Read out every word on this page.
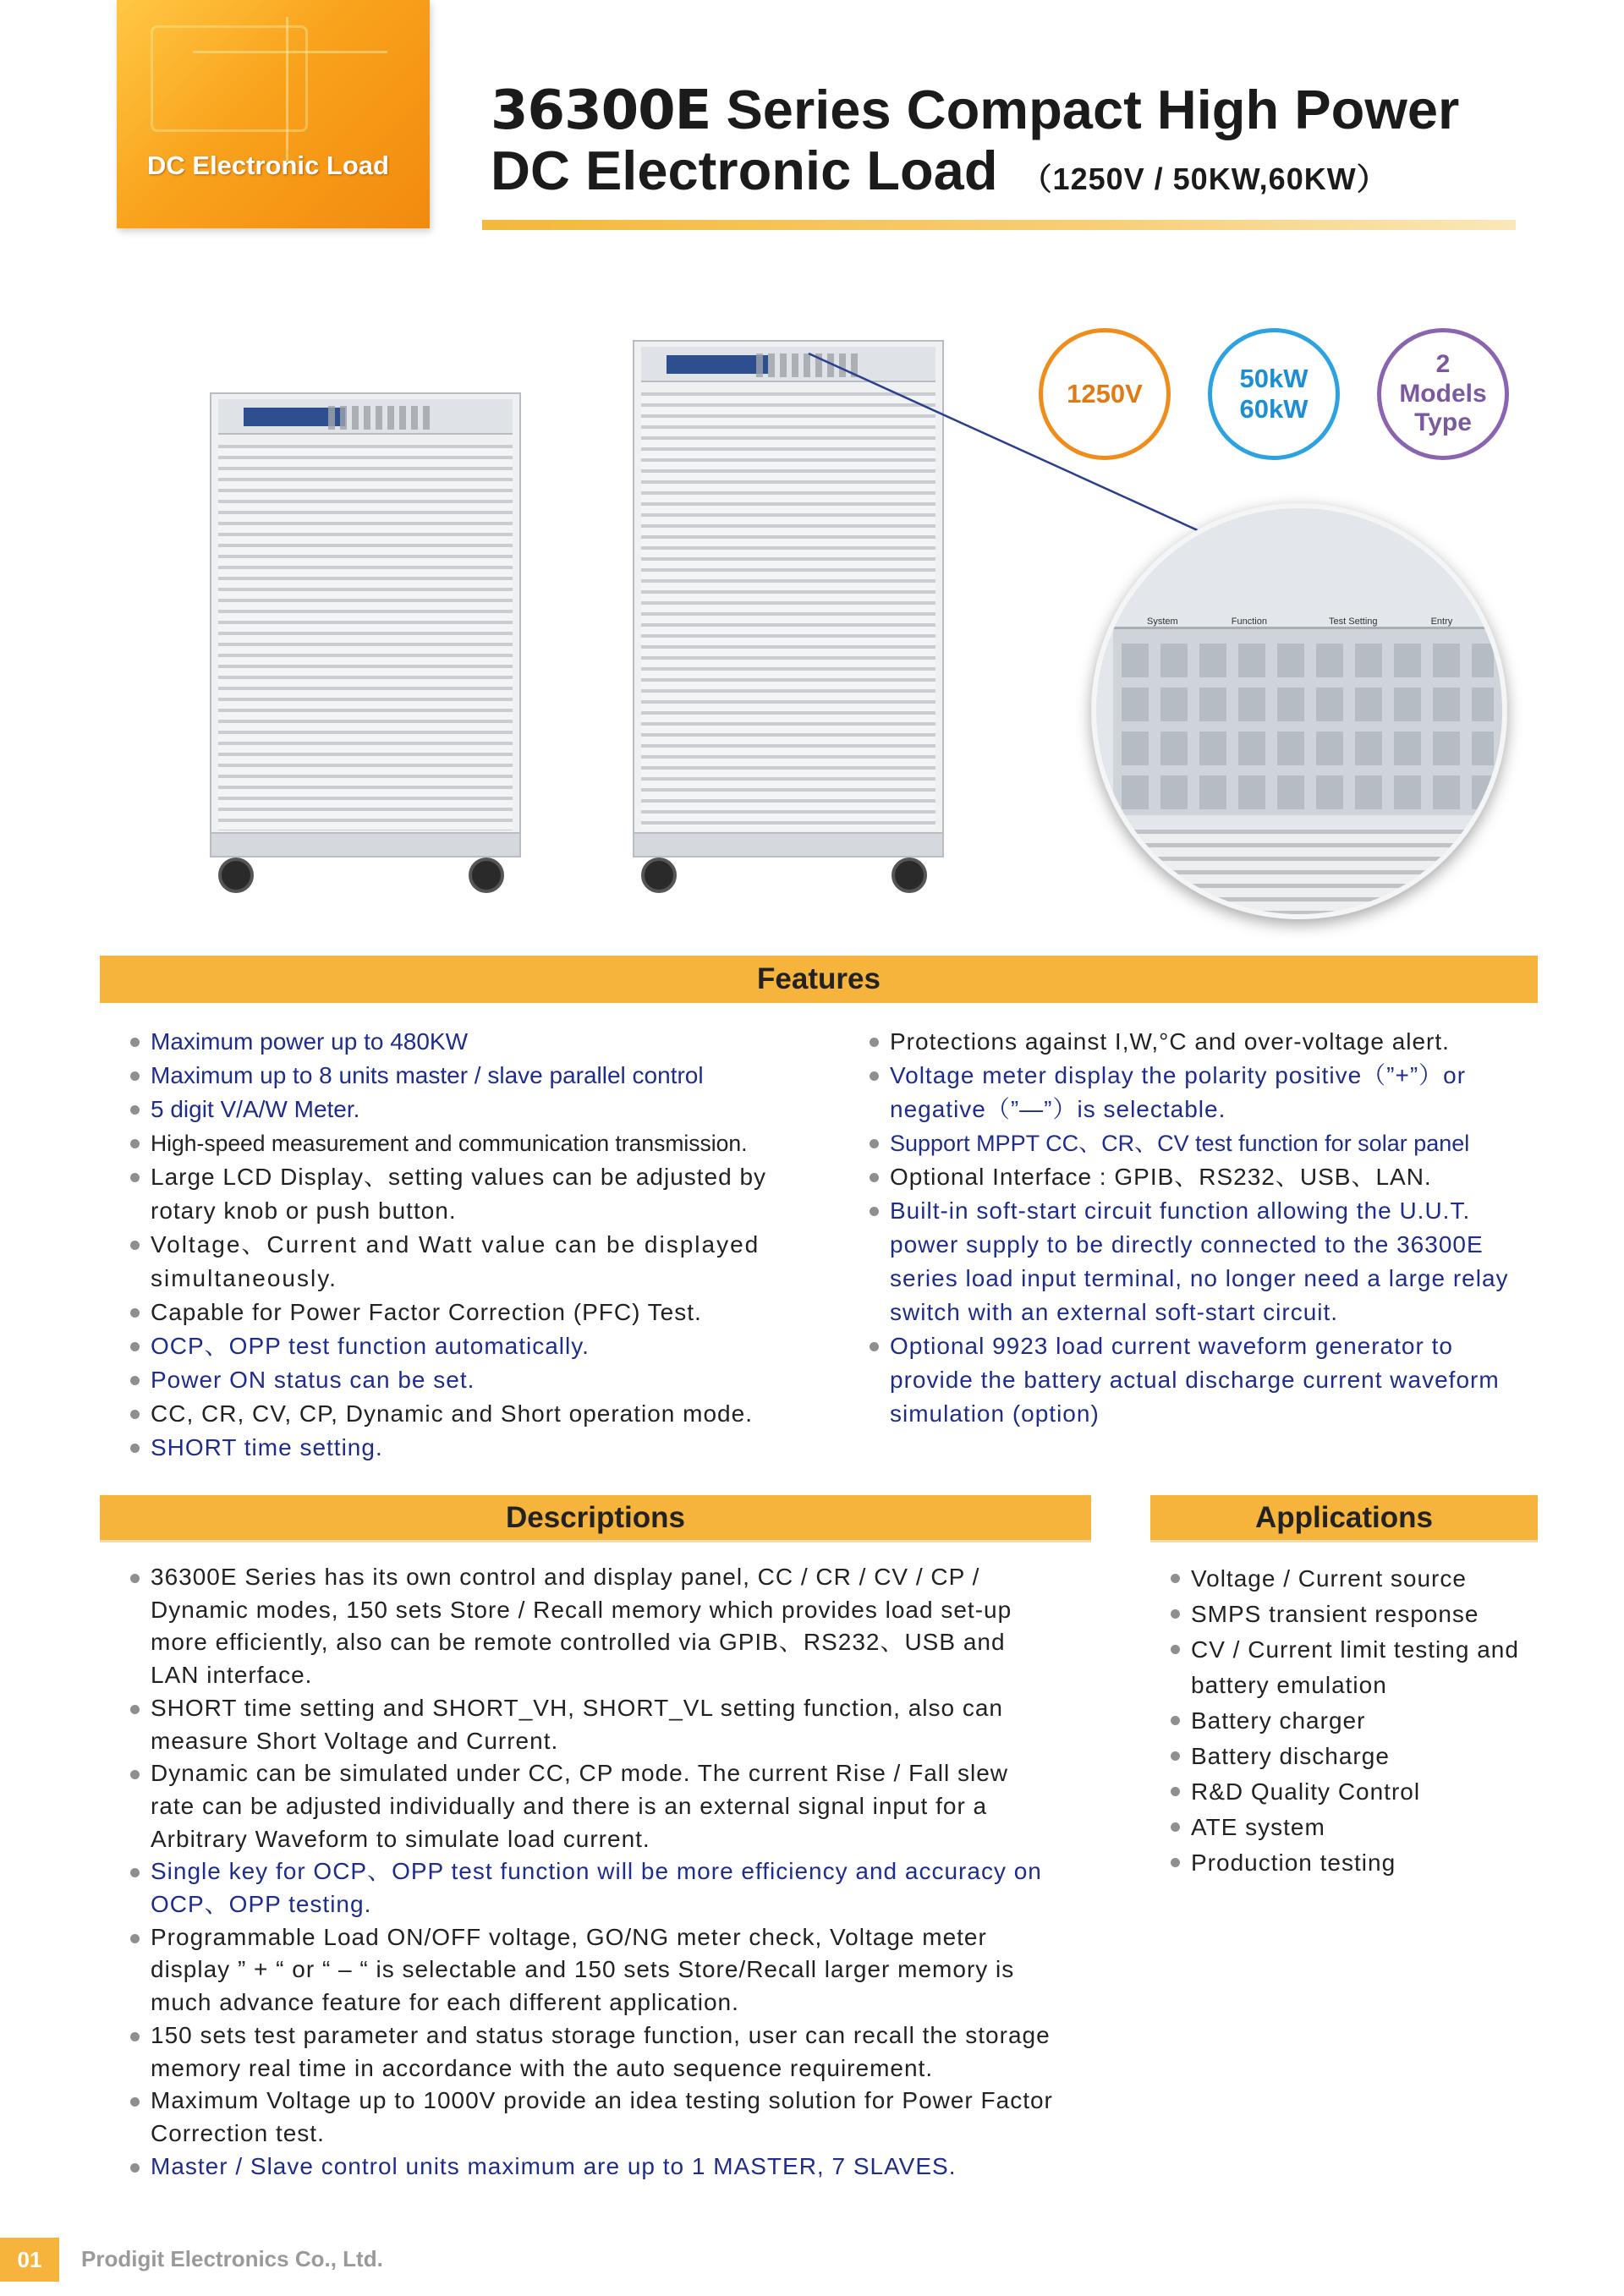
DC Electronic Load
36300E Series Compact High Power
DC Electronic Load （1250V / 50KW,60KW）
1250V
50kW
60kW
2
Models
Type
System	Function	Test Setting	Entry
Features
Maximum power up to 480KW
Maximum up to 8 units master / slave parallel control
5 digit V/A/W Meter.
High-speed measurement and communication transmission.
Large LCD Display、setting values can be adjusted by rotary knob or push button.
Voltage、Current and Watt value can be displayed simultaneously.
Capable for Power Factor Correction (PFC) Test.
OCP、OPP test function automatically.
Power ON status can be set.
CC, CR, CV, CP, Dynamic and Short operation mode.
SHORT time setting.
Protections against I,W,°C and over-voltage alert.
Voltage meter display the polarity positive（”+”）or negative（”—”）is selectable.
Support MPPT CC、CR、CV test function for solar panel
Optional Interface : GPIB、RS232、USB、LAN.
Built-in soft-start circuit function allowing the U.U.T. power supply to be directly connected to the 36300E series load input terminal, no longer need a large relay switch with an external soft-start circuit.
Optional 9923 load current waveform generator to provide the battery actual discharge current waveform simulation (option)
Descriptions
36300E Series has its own control and display panel, CC / CR / CV / CP / Dynamic modes, 150 sets Store / Recall memory which provides load set-up more efficiently, also can be remote controlled via GPIB、RS232、USB and LAN interface.
SHORT time setting and SHORT_VH, SHORT_VL setting function, also can measure Short Voltage and Current.
Dynamic can be simulated under CC, CP mode. The current Rise / Fall slew rate can be adjusted individually and there is an external signal input for a Arbitrary Waveform to simulate load current.
Single key for OCP、OPP test function will be more efficiency and accuracy on OCP、OPP testing.
Programmable Load ON/OFF voltage, GO/NG meter check, Voltage meter display ” + “ or “ – “ is selectable and 150 sets Store/Recall larger memory is much advance feature for each different application.
150 sets test parameter and status storage function, user can recall the storage memory real time in accordance with the auto sequence requirement.
Maximum Voltage up to 1000V provide an idea testing solution for Power Factor Correction test.
Master / Slave control units maximum are up to 1 MASTER, 7 SLAVES.
Applications
Voltage / Current source
SMPS transient response
CV / Current limit testing and battery emulation
Battery charger
Battery discharge
R&D Quality Control
ATE system
Production testing
01	Prodigit Electronics Co., Ltd.
